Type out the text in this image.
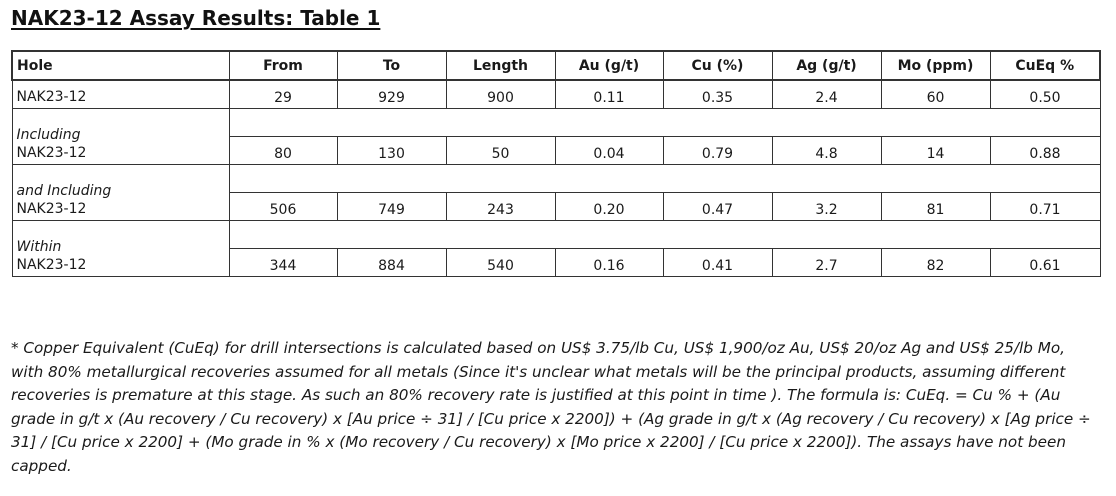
NAK23-12 Assay Results: Table 1
Hole	From	To	Length	Au (g/t)	Cu (%)	Ag (g/t)	Mo (ppm)	CuEq %
NAK23-12	29	929	900	0.11	0.35	2.4	60	0.50

Including
NAK23-12								
	80	130	50	0.04	0.79	4.8	14	0.88

and Including
NAK23-12								
	506	749	243	0.20	0.47	3.2	81	0.71

Within
NAK23-12								
	344	884	540	0.16	0.41	2.7	82	0.61

* Copper Equivalent (CuEq) for drill intersections is calculated based on US$ 3.75/lb Cu, US$ 1,900/oz Au, US$ 20/oz Ag and US$ 25/lb Mo, with 80% metallurgical recoveries assumed for all metals (Since it's unclear what metals will be the principal products, assuming different recoveries is premature at this stage. As such an 80% recovery rate is justified at this point in time ). The formula is: CuEq. = Cu % + (Au grade in g/t x (Au recovery / Cu recovery) x [Au price ÷ 31] / [Cu price x 2200]) + (Ag grade in g/t x (Ag recovery / Cu recovery) x [Ag price ÷ 31] / [Cu price x 2200] + (Mo grade in % x (Mo recovery / Cu recovery) x [Mo price x 2200] / [Cu price x 2200]). The assays have not been capped.
